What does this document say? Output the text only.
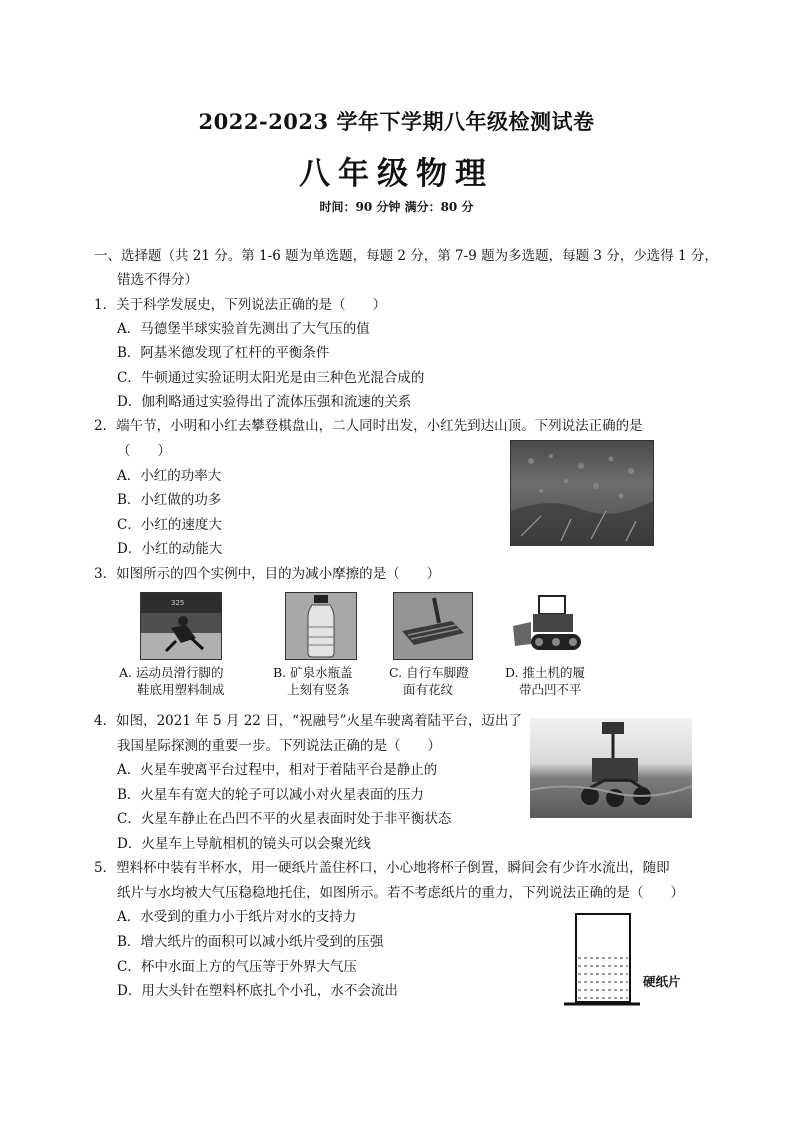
2022-2023 学年下学期八年级检测试卷
八年级物理
时间：90 分钟 满分：80 分
一、选择题（共 21 分。第 1-6 题为单选题，每题 2 分，第 7-9 题为多选题，每题 3 分，少选得 1 分，
错选不得分）
1．关于科学发展史，下列说法正确的是（　　）
A．马德堡半球实验首先测出了大气压的值
B．阿基米德发现了杠杆的平衡条件
C．牛顿通过实验证明太阳光是由三种色光混合成的
D．伽利略通过实验得出了流体压强和流速的关系
2．端午节，小明和小红去攀登棋盘山，二人同时出发，小红先到达山顶。下列说法正确的是
（　　）
A．小红的功率大
B．小红做的功多
C．小红的速度大
D．小红的动能大
3．如图所示的四个实例中，目的为减小摩擦的是（　　）
325
A. 运动员滑行脚的
鞋底用塑料制成
B. 矿泉水瓶盖
上刻有竖条
C. 自行车脚蹬
面有花纹
D. 推土机的履
带凸凹不平
4．如图，2021 年 5 月 22 日，“祝融号”火星车驶离着陆平台，迈出了
我国星际探测的重要一步。下列说法正确的是（　　）
A．火星车驶离平台过程中，相对于着陆平台是静止的
B．火星车有宽大的轮子可以减小对火星表面的压力
C．火星车静止在凸凹不平的火星表面时处于非平衡状态
D．火星车上导航相机的镜头可以会聚光线
5．塑料杯中装有半杯水，用一硬纸片盖住杯口，小心地将杯子倒置，瞬间会有少许水流出，随即
纸片与水均被大气压稳稳地托住，如图所示。若不考虑纸片的重力，下列说法正确的是（　　）
A．水受到的重力小于纸片对水的支持力
B．增大纸片的面积可以减小纸片受到的压强
C．杯中水面上方的气压等于外界大气压
D．用大头针在塑料杯底扎个小孔，水不会流出
硬纸片
